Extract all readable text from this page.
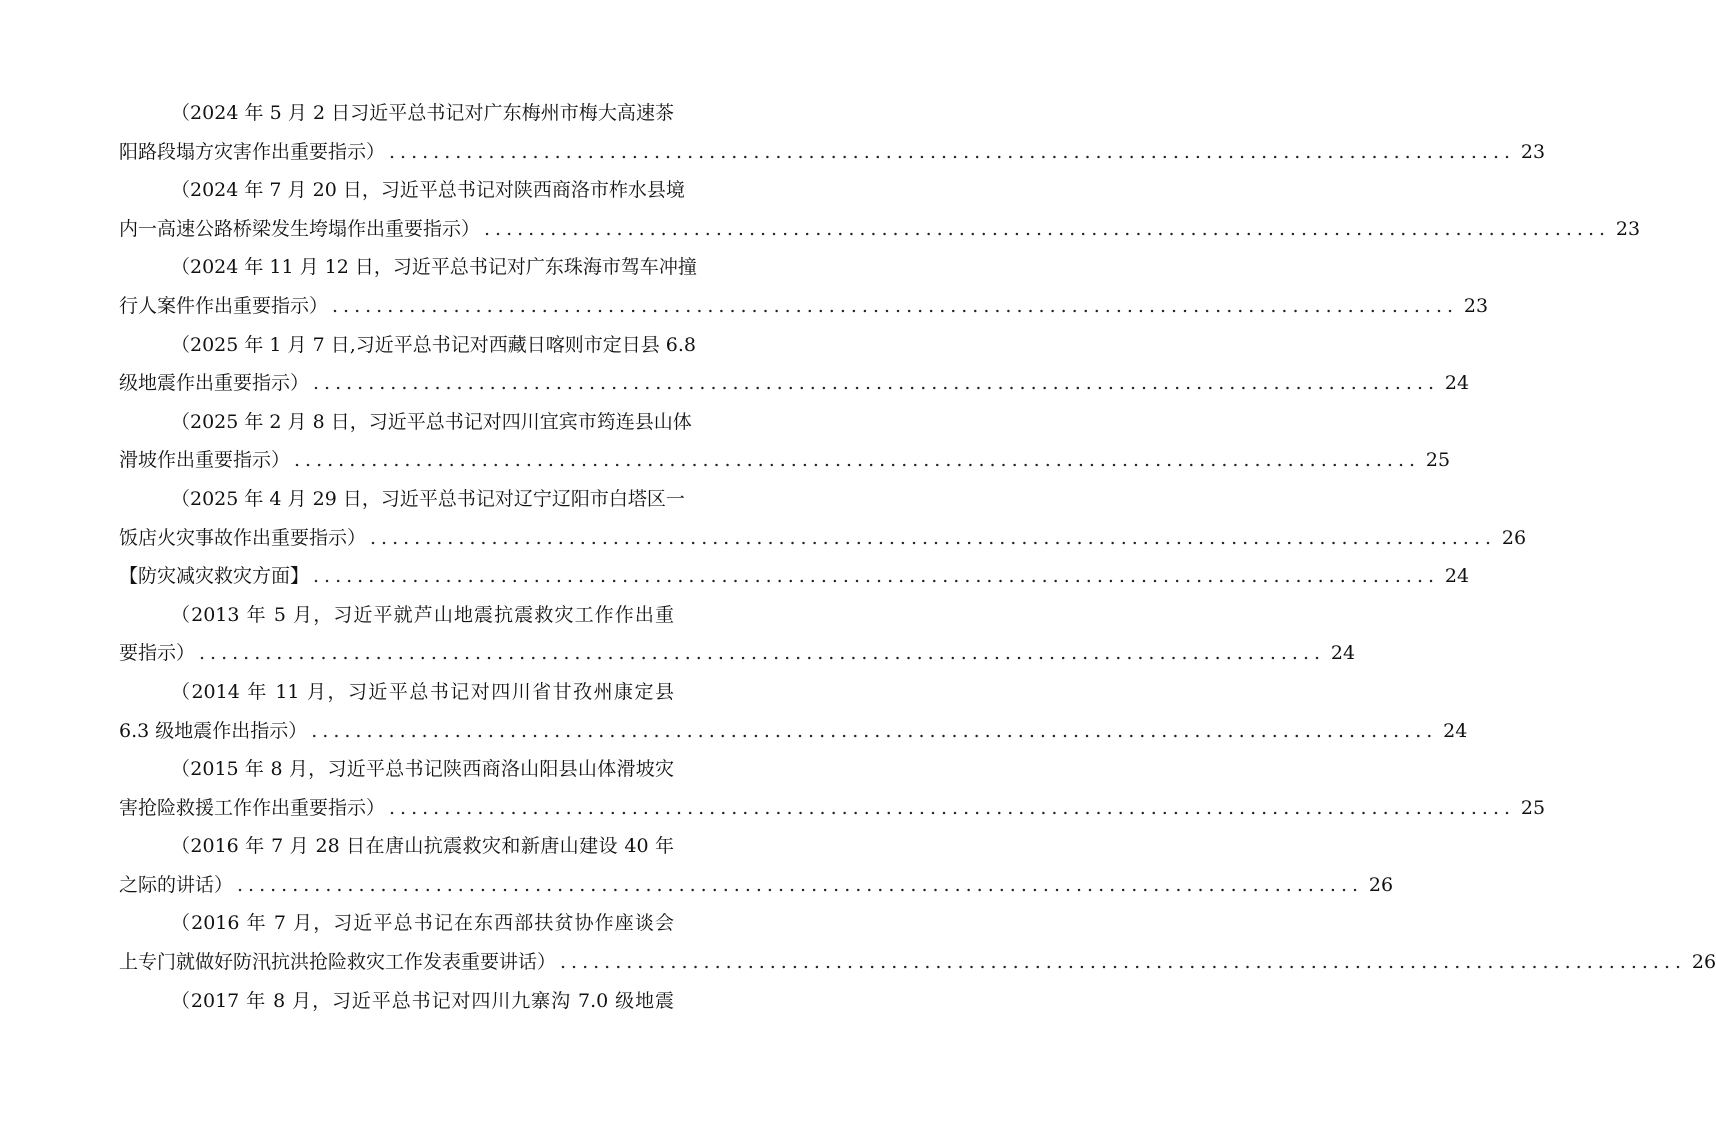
（2024 年 5 月 2 日习近平总书记对广东梅州市梅大高速茶
阳路段塌方灾害作出重要指示） ...................................................................................................... 23
（2024 年 7 月 20 日，习近平总书记对陕西商洛市柞水县境
内一高速公路桥梁发生垮塌作出重要指示） ...................................................................................................... 23
（2024 年 11 月 12 日，习近平总书记对广东珠海市驾车冲撞
行人案件作出重要指示） ...................................................................................................... 23
（2025 年 1 月 7 日,习近平总书记对西藏日喀则市定日县 6.8
级地震作出重要指示） ...................................................................................................... 24
（2025 年 2 月 8 日，习近平总书记对四川宜宾市筠连县山体
滑坡作出重要指示） ...................................................................................................... 25
（2025 年 4 月 29 日，习近平总书记对辽宁辽阳市白塔区一
饭店火灾事故作出重要指示） ...................................................................................................... 26
【防灾减灾救灾方面】 ...................................................................................................... 24
（2013 年 5 月，习近平就芦山地震抗震救灾工作作出重
要指示） ...................................................................................................... 24
（2014 年 11 月，习近平总书记对四川省甘孜州康定县
6.3 级地震作出指示） ...................................................................................................... 24
（2015 年 8 月，习近平总书记陕西商洛山阳县山体滑坡灾
害抢险救援工作作出重要指示） ...................................................................................................... 25
（2016 年 7 月 28 日在唐山抗震救灾和新唐山建设 40 年
之际的讲话） ...................................................................................................... 26
（2016 年 7 月，习近平总书记在东西部扶贫协作座谈会
上专门就做好防汛抗洪抢险救灾工作发表重要讲话） ...................................................................................................... 26
（2017 年 8 月，习近平总书记对四川九寨沟 7.0 级地震
